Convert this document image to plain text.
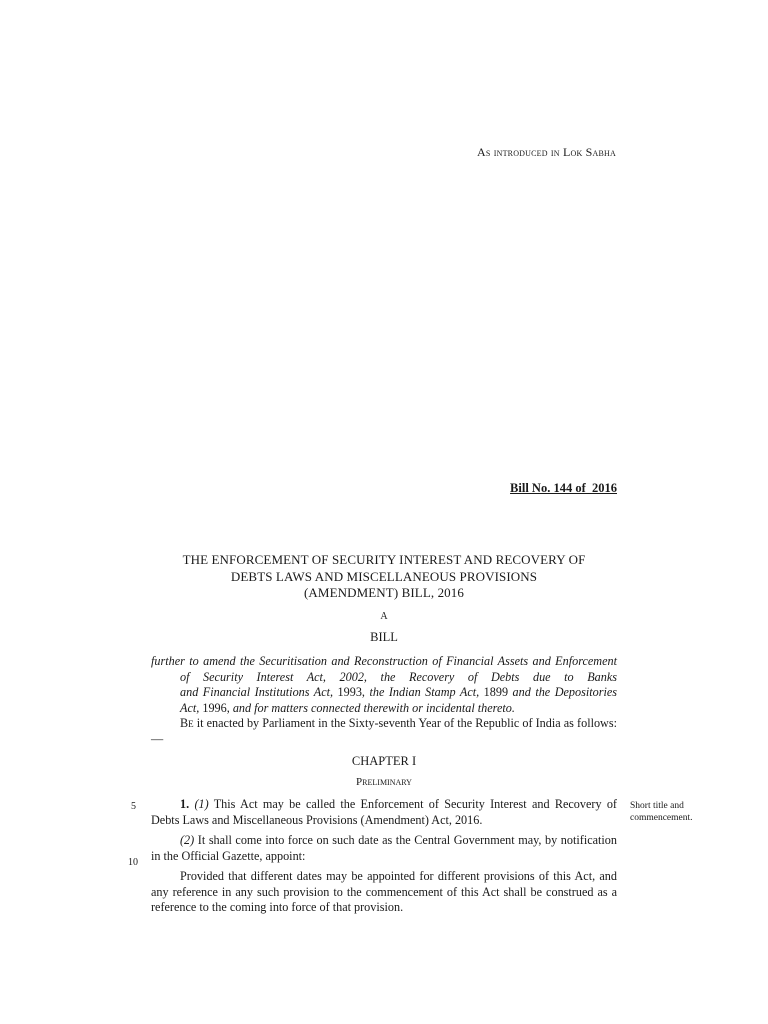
As introduced in Lok Sabha
Bill No. 144 of  2016
THE ENFORCEMENT OF SECURITY INTEREST AND RECOVERY OF
DEBTS LAWS AND MISCELLANEOUS PROVISIONS
(AMENDMENT) BILL, 2016
A
BILL
further to amend the Securitisation and Reconstruction of Financial Assets and Enforcement
of Security Interest Act, 2002, the Recovery of Debts due to Banks
and Financial Institutions Act, 1993, the Indian Stamp Act, 1899 and the Depositories
Act, 1996, and for matters connected therewith or incidental thereto.
Be it enacted by Parliament in the Sixty-seventh Year of the Republic of India as follows:—
CHAPTER I
Preliminary
5
10
1. (1) This Act may be called the Enforcement of Security Interest and Recovery of Debts Laws and Miscellaneous Provisions (Amendment) Act, 2016.
(2) It shall come into force on such date as the Central Government may, by notification in the Official Gazette, appoint:
Provided that different dates may be appointed for different provisions of this Act, and any reference in any such provision to the commencement of this Act shall be construed as a reference to the coming into force of that provision.
Short title and
commencement.
